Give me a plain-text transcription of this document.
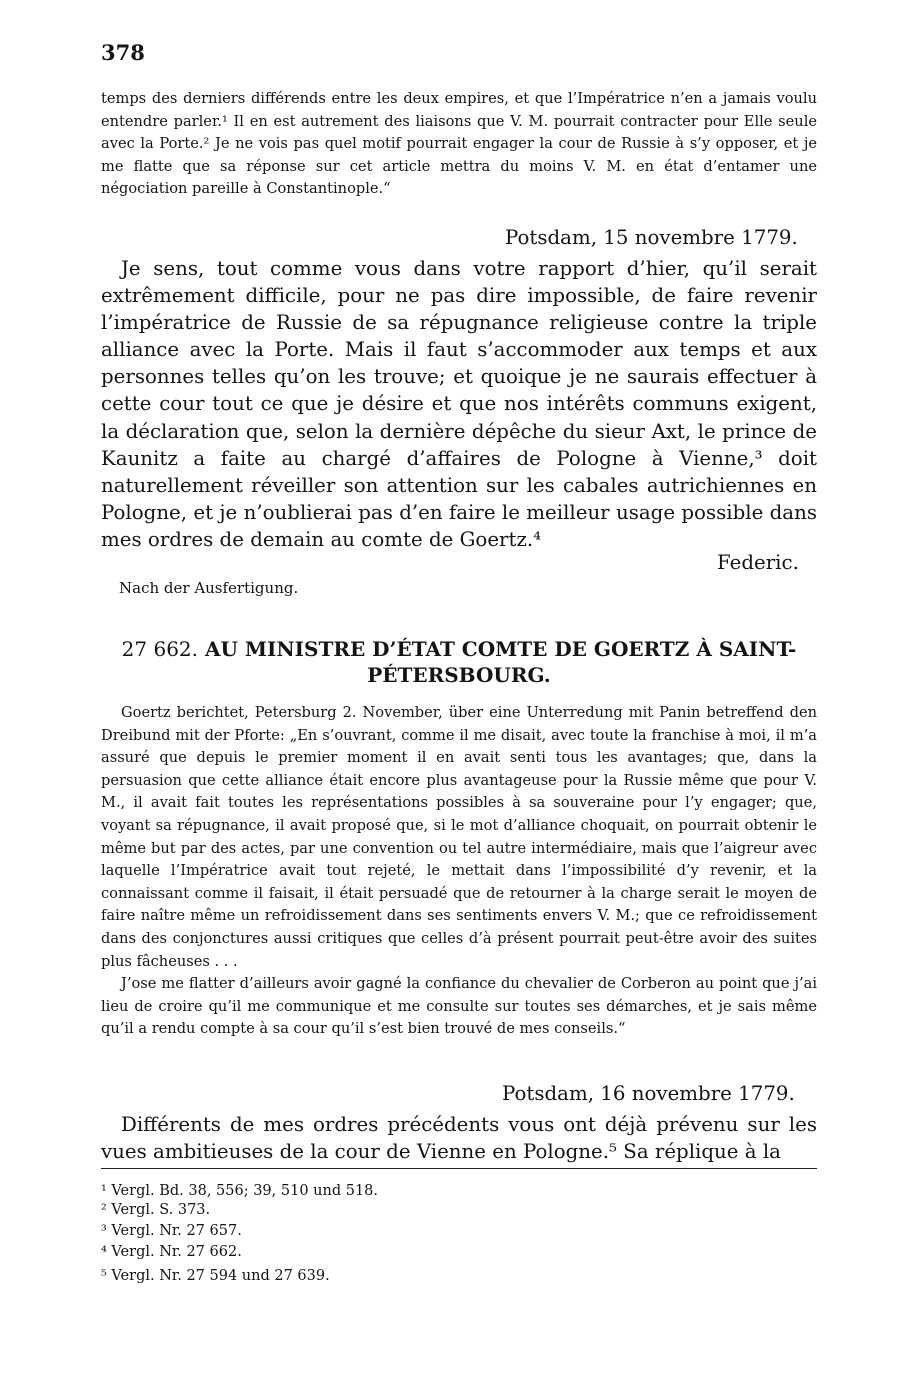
378
temps des derniers différends entre les deux empires, et que l’Impératrice n’en a jamais voulu entendre parler.¹ Il en est autrement des liaisons que V. M. pourrait contracter pour Elle seule avec la Porte.² Je ne vois pas quel motif pourrait engager la cour de Russie à s’y opposer, et je me flatte que sa réponse sur cet article mettra du moins V. M. en état d’entamer une négociation pareille à Constantinople.“
Potsdam, 15 novembre 1779.

Je sens, tout comme vous dans votre rapport d’hier, qu’il serait extrêmement difficile, pour ne pas dire impossible, de faire revenir l’impératrice de Russie de sa répugnance religieuse contre la triple alliance avec la Porte. Mais il faut s’accommoder aux temps et aux personnes telles qu’on les trouve; et quoique je ne saurais effectuer à cette cour tout ce que je désire et que nos intérêts communs exigent, la déclaration que, selon la dernière dépêche du sieur Axt, le prince de Kaunitz a faite au chargé d’affaires de Pologne à Vienne,³ doit naturellement réveiller son attention sur les cabales autrichiennes en Pologne, et je n’oublierai pas d’en faire le meilleur usage possible dans mes ordres de demain au comte de Goertz.⁴

Federic.
Nach der Ausfertigung.
27 662. AU MINISTRE D’ÉTAT COMTE DE GOERTZ À SAINT-PÉTERSBOURG.

Goertz berichtet, Petersburg 2. November, über eine Unterredung mit Panin betreffend den Dreibund mit der Pforte: „En s’ouvrant, comme il me disait, avec toute la franchise à moi, il m’a assuré que depuis le premier moment il en avait senti tous les avantages; que, dans la persuasion que cette alliance était encore plus avantageuse pour la Russie même que pour V. M., il avait fait toutes les représentations possibles à sa souveraine pour l’y engager; que, voyant sa répugnance, il avait proposé que, si le mot d’alliance choquait, on pourrait obtenir le même but par des actes, par une convention ou tel autre intermédiaire, mais que l’aigreur avec laquelle l’Impératrice avait tout rejeté, le mettait dans l’impossibilité d’y revenir, et la connaissant comme il faisait, il était persuadé que de retourner à la charge serait le moyen de faire naître même un refroidissement dans ses sentiments envers V. M.; que ce refroidissement dans des conjonctures aussi critiques que celles d’à présent pourrait peut-être avoir des suites plus fâcheuses . . .

J’ose me flatter d’ailleurs avoir gagné la confiance du chevalier de Corberon au point que j’ai lieu de croire qu’il me communique et me consulte sur toutes ses démarches, et je sais même qu’il a rendu compte à sa cour qu’il s’est bien trouvé de mes conseils.“

Potsdam, 16 novembre 1779.

Différents de mes ordres précédents vous ont déjà prévenu sur les vues ambitieuses de la cour de Vienne en Pologne.⁵ Sa réplique à la

¹ Vergl. Bd. 38, 556; 39, 510 und 518.
² Vergl. S. 373.
³ Vergl. Nr. 27 657.
⁴ Vergl. Nr. 27 662.
⁵ Vergl. Nr. 27 594 und 27 639.
